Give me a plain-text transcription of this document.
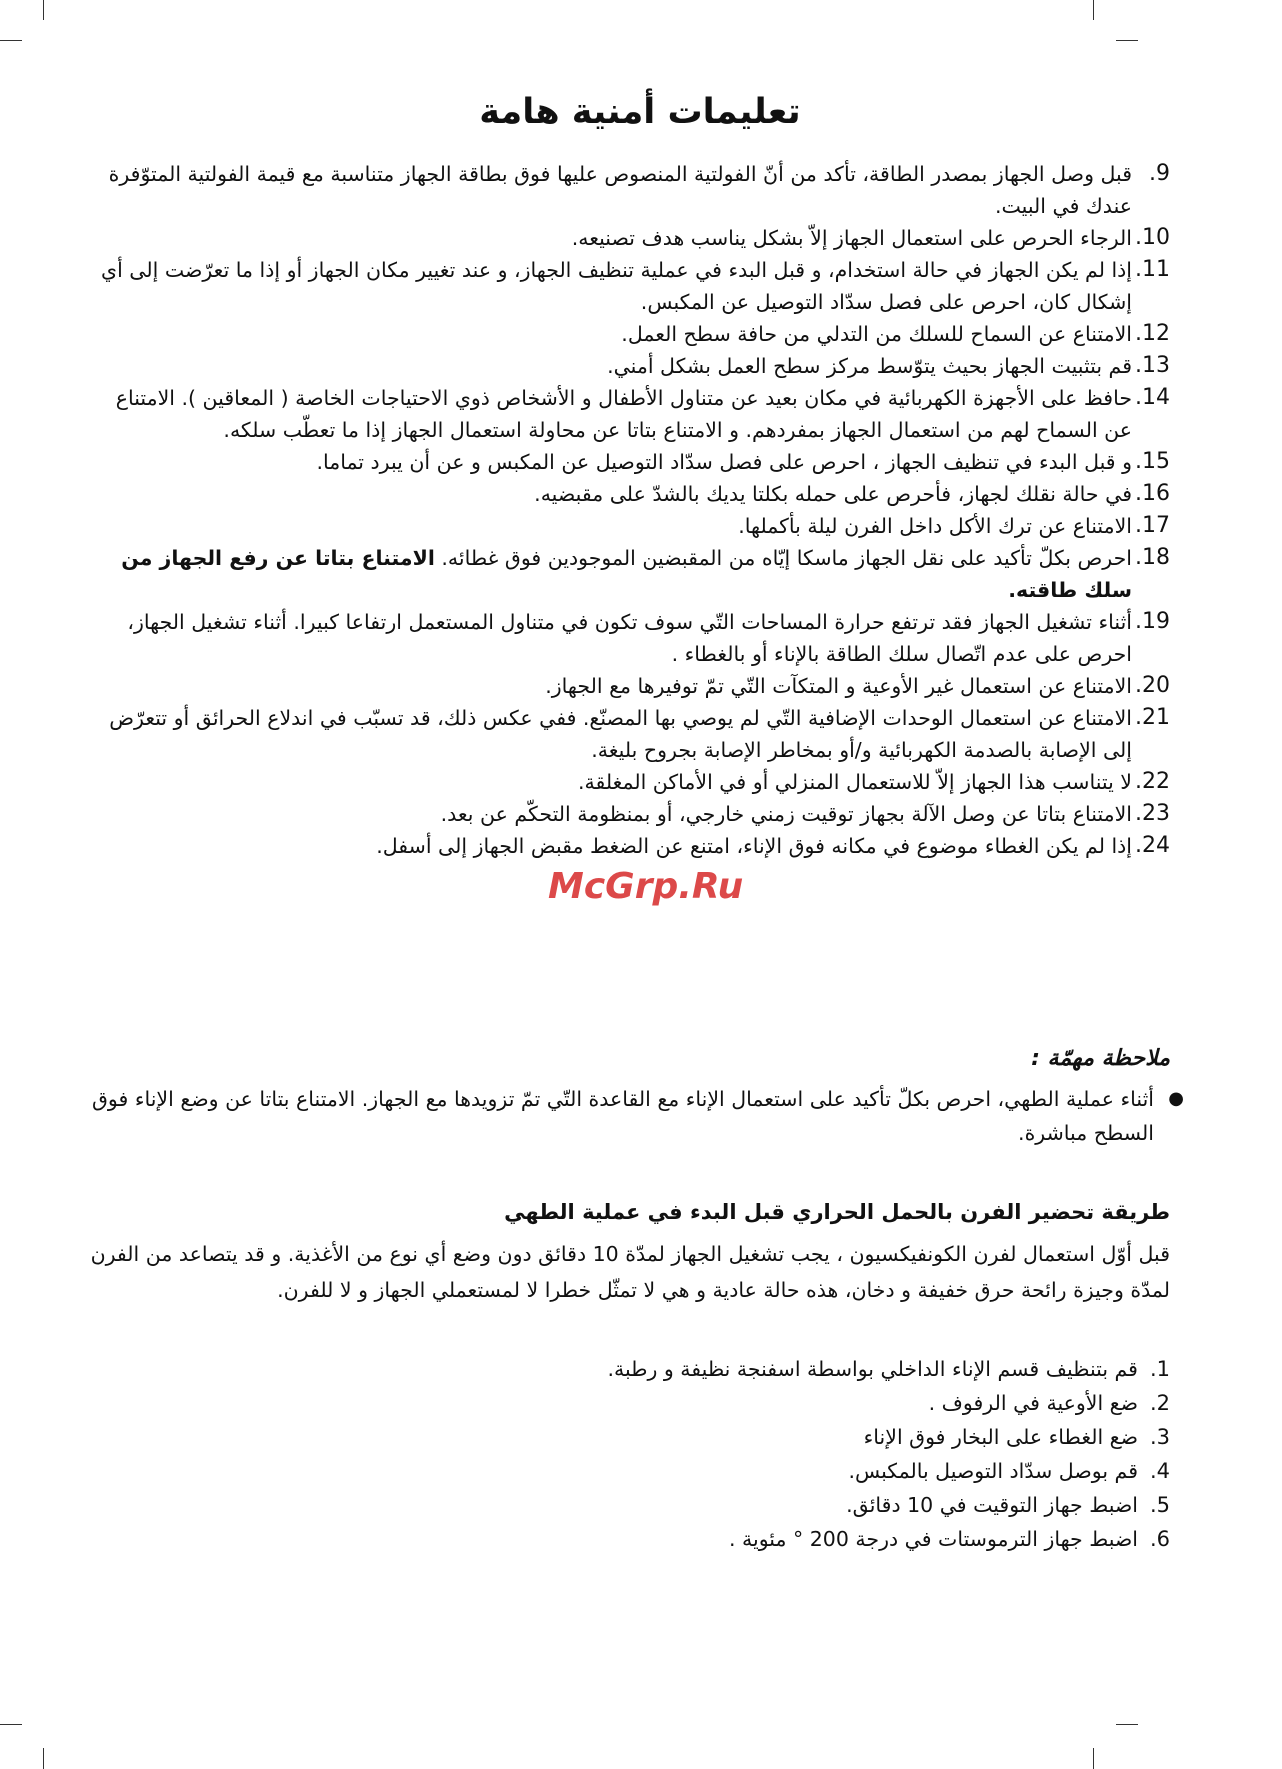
تعليمات أمنية هامة
9.
قبل وصل الجهاز بمصدر الطاقة، تأكد من أنّ الفولتية المنصوص عليها فوق بطاقة الجهاز متناسبة مع قيمة الفولتية المتوّفرة عندك في البيت.
10.
الرجاء الحرص على استعمال الجهاز إلاّ بشكل يناسب هدف تصنيعه.
11.
إذا لم يكن الجهاز في حالة استخدام، و قبل البدء في عملية تنظيف الجهاز، و عند تغيير مكان الجهاز أو إذا ما تعرّضت إلى أي إشكال كان، احرص على فصل سدّاد التوصيل عن المكبس.
12.
الامتناع عن السماح للسلك من التدلي من حافة سطح العمل.
13.
قم بتثبيت الجهاز بحيث يتوّسط مركز سطح العمل بشكل أمني.
14.
حافظ على الأجهزة الكهربائية في مكان بعيد عن متناول الأطفال و الأشخاص ذوي الاحتياجات الخاصة ( المعاقين ). الامتناع عن السماح لهم من استعمال الجهاز بمفردهم. و الامتناع بتاتا عن محاولة استعمال الجهاز إذا ما تعطّب سلكه.
15.
و قبل البدء في تنظيف الجهاز ، احرص على فصل سدّاد التوصيل عن المكبس و عن أن يبرد تماما.
16.
في حالة نقلك لجهاز، فأحرص على حمله بكلتا يديك بالشدّ على مقبضيه.
17.
الامتناع عن ترك الأكل داخل الفرن ليلة بأكملها.
18.
احرص بكلّ تأكيد على نقل الجهاز ماسكا إيّاه من المقبضين الموجودين فوق غطائه. الامتناع بتاتا عن رفع الجهاز من سلك طاقته.
19.
أثناء تشغيل الجهاز فقد ترتفع حرارة المساحات التّي سوف تكون في متناول المستعمل ارتفاعا كبيرا. أثناء تشغيل الجهاز، احرص على عدم اتّصال سلك الطاقة بالإناء أو بالغطاء .
20.
الامتناع عن استعمال غير الأوعية و المتكآت التّي تمّ توفيرها مع الجهاز.
21.
الامتناع عن استعمال الوحدات الإضافية التّي لم يوصي بها المصنّع. ففي عكس ذلك، قد تسبّب في اندلاع الحرائق أو تتعرّض إلى الإصابة بالصدمة الكهربائية و/أو بمخاطر الإصابة بجروح بليغة.
22.
لا يتناسب هذا الجهاز إلاّ للاستعمال المنزلي أو في الأماكن المغلقة.
23.
الامتناع بتاتا عن وصل الآلة بجهاز توقيت زمني خارجي، أو بمنظومة التحكّم عن بعد.
24.
إذا لم يكن الغطاء موضوع في مكانه فوق الإناء، امتنع عن الضغط مقبض الجهاز إلى أسفل.
ملاحظة مهمّة :
●
أثناء عملية الطهي، احرص بكلّ تأكيد على استعمال الإناء مع القاعدة التّي تمّ تزويدها مع الجهاز. الامتناع بتاتا عن وضع الإناء فوق السطح مباشرة.
طريقة تحضير الفرن بالحمل الحراري قبل البدء في عملية الطهي
قبل أوّل استعمال لفرن الكونفيكسيون ، يجب تشغيل الجهاز لمدّة 10 دقائق دون وضع أي نوع من الأغذية. و قد يتصاعد من الفرن لمدّة وجيزة رائحة حرق خفيفة و دخان، هذه حالة عادية و هي لا تمثّل خطرا لا لمستعملي الجهاز و لا للفرن.
1.
قم بتنظيف قسم الإناء الداخلي بواسطة اسفنجة نظيفة و رطبة.
2.
ضع الأوعية في الرفوف .
3.
ضع الغطاء على البخار فوق الإناء
4.
قم بوصل سدّاد التوصيل بالمكبس.
5.
اضبط جهاز التوقيت في 10 دقائق.
6.
اضبط جهاز الترموستات في درجة 200 ° مئوية .
McGrp.Ru
